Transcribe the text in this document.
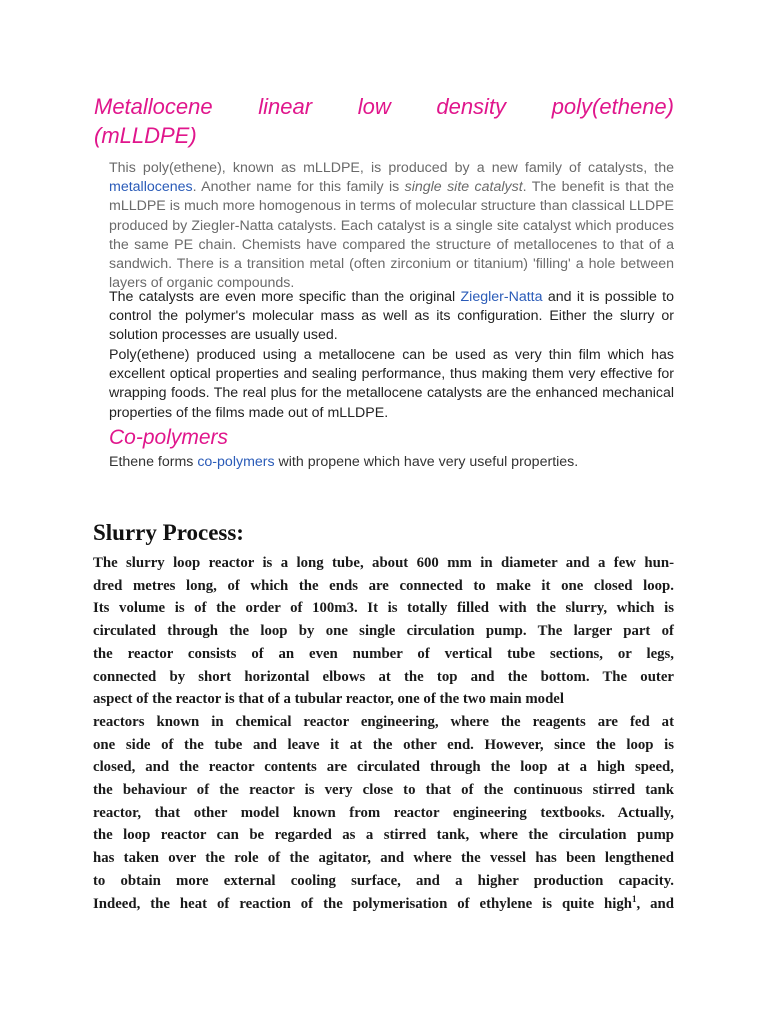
Metallocene linear low density poly(ethene)
(mLLDPE)

This poly(ethene), known as mLLDPE, is produced by a new family of catalysts, the metallocenes. Another name for this family is single site catalyst. The benefit is that the mLLDPE is much more homogenous in terms of molecular structure than classical LLDPE produced by Ziegler-Natta catalysts. Each catalyst is a single site catalyst which produces the same PE chain. Chemists have compared the structure of metallocenes to that of a sandwich. There is a transition metal (often zirconium or titanium) 'filling' a hole between layers of organic compounds.

The catalysts are even more specific than the original Ziegler-Natta and it is possible to control the polymer's molecular mass as well as its configuration. Either the slurry or solution processes are usually used.

Poly(ethene) produced using a metallocene can be used as very thin film which has excellent optical properties and sealing performance, thus making them very effective for wrapping foods. The real plus for the metallocene catalysts are the enhanced mechanical properties of the films made out of mLLDPE.

Co-polymers

Ethene forms co-polymers with propene which have very useful properties.

Slurry Process:
The slurry loop reactor is a long tube, about 600 mm in diameter and a few hun-
dred metres long, of which the ends are connected to make it one closed loop.
Its volume is of the order of 100m3. It is totally filled with the slurry, which is
circulated through the loop by one single circulation pump. The larger part of
the reactor consists of an even number of vertical tube sections, or legs,
connected by short horizontal elbows at the top and the bottom. The outer
aspect of the reactor is that of a tubular reactor, one of the two main model
reactors known in chemical reactor engineering, where the reagents are fed at
one side of the tube and leave it at the other end. However, since the loop is
closed, and the reactor contents are circulated through the loop at a high speed,
the behaviour of the reactor is very close to that of the continuous stirred tank
reactor, that other model known from reactor engineering textbooks. Actually,
the loop reactor can be regarded as a stirred tank, where the circulation pump
has taken over the role of the agitator, and where the vessel has been lengthened
to obtain more external cooling surface, and a higher production capacity.
Indeed, the heat of reaction of the polymerisation of ethylene is quite high$^1$, and
